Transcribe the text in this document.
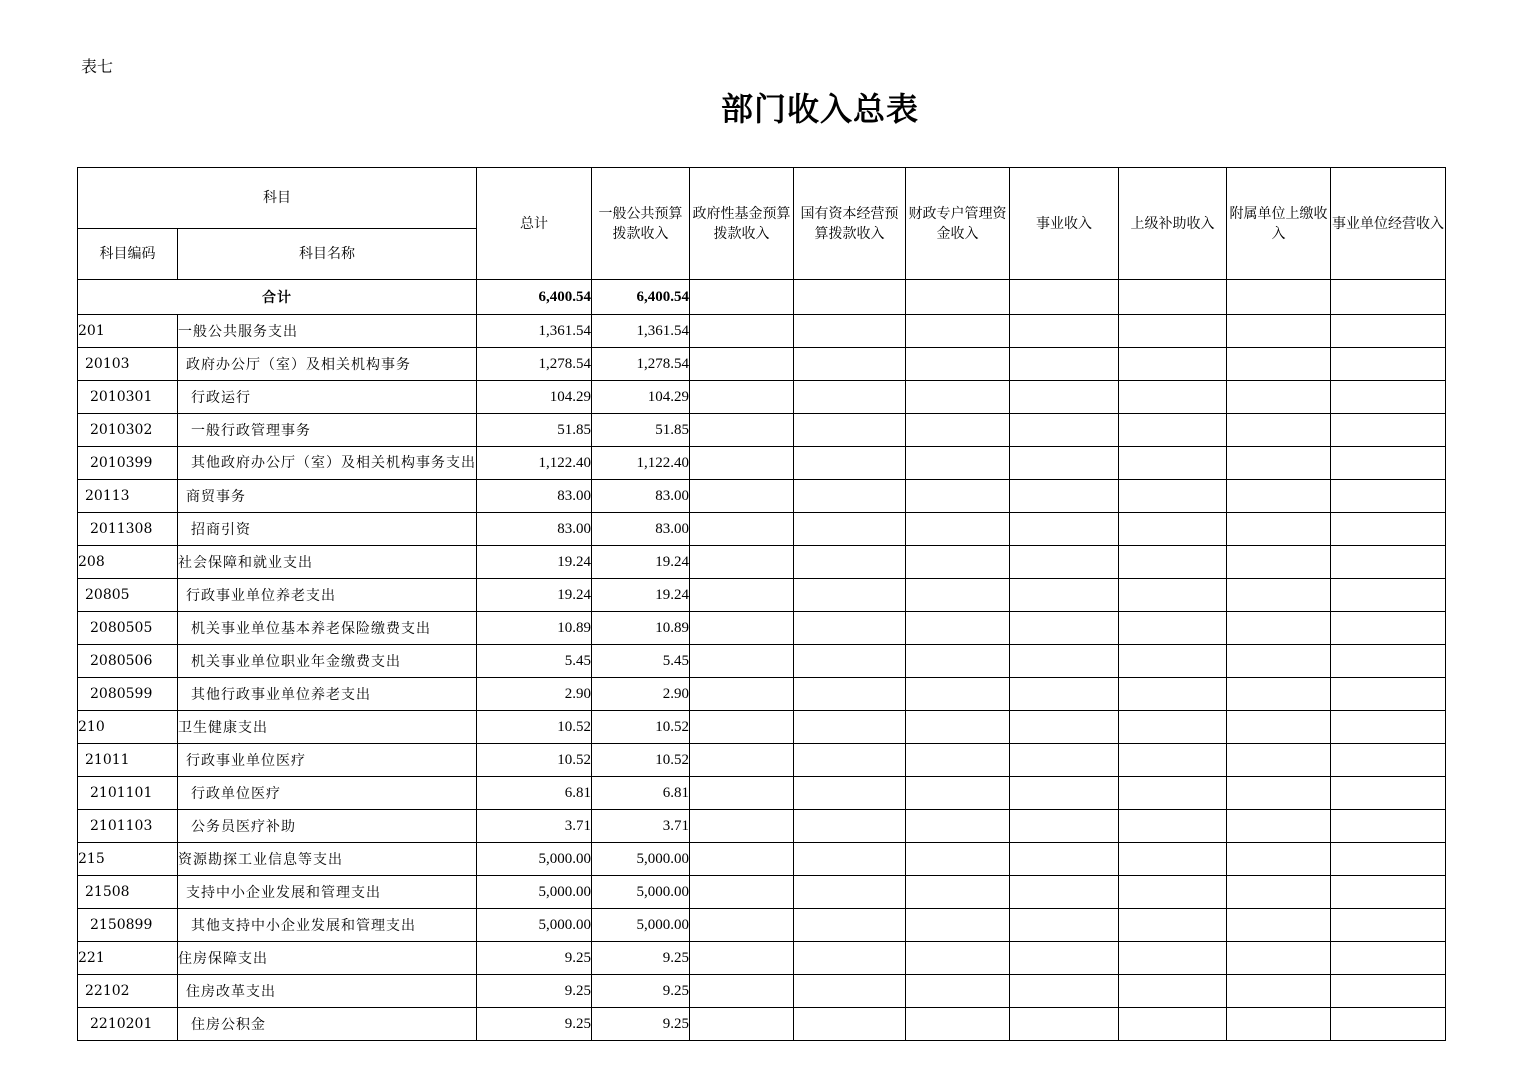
表七
部门收入总表
科目		总计	一般公共预算拨款收入	政府性基金预算拨款收入	国有资本经营预算拨款收入	财政专户管理资金收入	事业收入	上级补助收入	附属单位上缴收入	事业单位经营收入
科目编码	科目名称									
合计		6,400.54	6,400.54							
201	一般公共服务支出	1,361.54	1,361.54							
20103	政府办公厅（室）及相关机构事务	1,278.54	1,278.54							
2010301	行政运行	104.29	104.29							
2010302	一般行政管理事务	51.85	51.85							
2010399	其他政府办公厅（室）及相关机构事务支出	1,122.40	1,122.40							
20113	商贸事务	83.00	83.00							
2011308	招商引资	83.00	83.00							
208	社会保障和就业支出	19.24	19.24							
20805	行政事业单位养老支出	19.24	19.24							
2080505	机关事业单位基本养老保险缴费支出	10.89	10.89							
2080506	机关事业单位职业年金缴费支出	5.45	5.45							
2080599	其他行政事业单位养老支出	2.90	2.90							
210	卫生健康支出	10.52	10.52							
21011	行政事业单位医疗	10.52	10.52							
2101101	行政单位医疗	6.81	6.81							
2101103	公务员医疗补助	3.71	3.71							
215	资源勘探工业信息等支出	5,000.00	5,000.00							
21508	支持中小企业发展和管理支出	5,000.00	5,000.00							
2150899	其他支持中小企业发展和管理支出	5,000.00	5,000.00							
221	住房保障支出	9.25	9.25							
22102	住房改革支出	9.25	9.25							
2210201	住房公积金	9.25	9.25							
